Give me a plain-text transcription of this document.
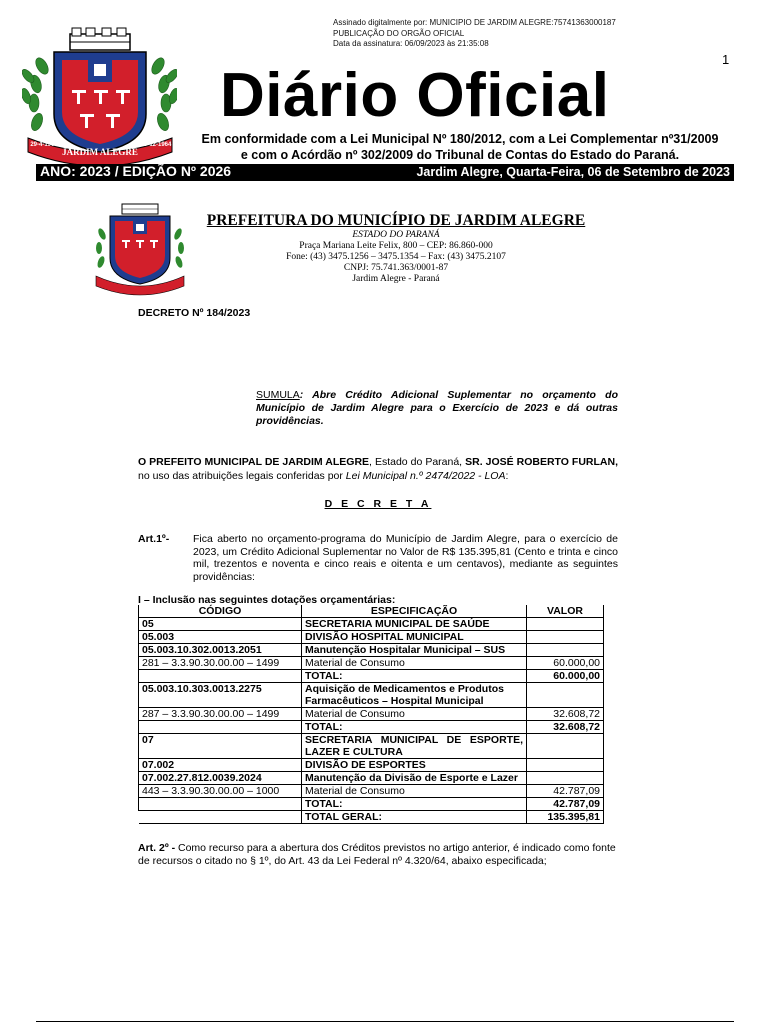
Assinado digitalmente por: MUNICIPIO DE JARDIM ALEGRE:75741363000187
PUBLICAÇÃO DO ORGÃO OFICIAL
Data da assinatura: 06/09/2023 às 21:35:08
1
JARDIM ALEGRE
29-4-1964	10-12-1964
Diário Oficial
Em conformidade com a Lei Municipal Nº 180/2012, com a Lei Complementar nº31/2009
e com o Acórdão nº 302/2009 do Tribunal de Contas do Estado do Paraná.
ANO: 2023 / EDIÇÃO Nº 2026	Jardim Alegre, Quarta-Feira, 06 de Setembro de 2023
PREFEITURA DO MUNICÍPIO DE JARDIM ALEGRE
ESTADO DO PARANÁ
Praça Mariana Leite Felix, 800 – CEP: 86.860-000
Fone: (43) 3475.1256 – 3475.1354 – Fax: (43) 3475.2107
CNPJ: 75.741.363/0001-87
Jardim Alegre - Paraná
DECRETO Nº 184/2023
SUMULA: Abre Crédito Adicional Suplementar no orçamento do Município de Jardim Alegre para o Exercício de 2023 e dá outras providências.
O PREFEITO MUNICIPAL DE JARDIM ALEGRE, Estado do Paraná, SR. JOSÉ ROBERTO FURLAN, no uso das atribuições legais conferidas por Lei Municipal n.º 2474/2022 - LOA:
D E C R E T A
Art.1º- Fica aberto no orçamento-programa do Município de Jardim Alegre, para o exercício de 2023, um Crédito Adicional Suplementar no Valor de R$ 135.395,81 (Cento e trinta e cinco mil, trezentos e noventa e cinco reais e oitenta e um centavos), mediante as seguintes providências:
I – Inclusão nas seguintes dotações orçamentárias:
CÓDIGO	ESPECIFICAÇÃO	VALOR
05	SECRETARIA MUNICIPAL DE SAÚDE	
05.003	DIVISÃO HOSPITAL MUNICIPAL	
05.003.10.302.0013.2051	Manutenção Hospitalar Municipal – SUS	
281 – 3.3.90.30.00.00 – 1499	Material de Consumo	60.000,00
	TOTAL:	60.000,00
05.003.10.303.0013.2275	Aquisição de Medicamentos e Produtos Farmacêuticos – Hospital Municipal	
287 – 3.3.90.30.00.00 – 1499	Material de Consumo	32.608,72
	TOTAL:	32.608,72
07	SECRETARIA MUNICIPAL DE ESPORTE, LAZER E CULTURA	
07.002	DIVISÃO DE ESPORTES	
07.002.27.812.0039.2024	Manutenção da Divisão de Esporte e Lazer	
443 – 3.3.90.30.00.00 – 1000	Material de Consumo	42.787,09
	TOTAL:	42.787,09
	TOTAL GERAL:	135.395,81
Art. 2º - Como recurso para a abertura dos Créditos previstos no artigo anterior, é indicado como fonte de recursos o citado no § 1º, do Art. 43 da Lei Federal nº 4.320/64, abaixo especificada;
